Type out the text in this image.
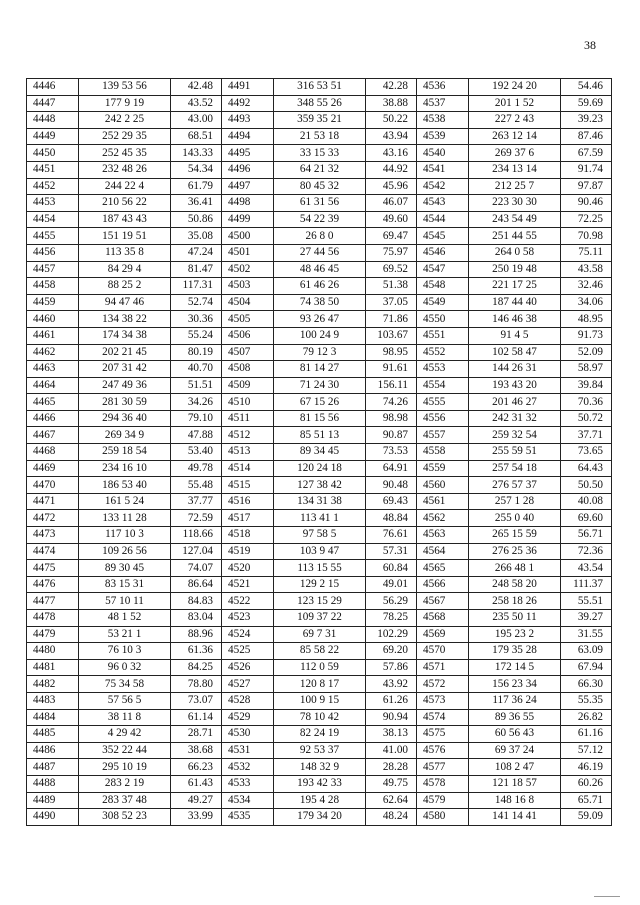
38
4446	139 53 56	42.48	4491	316 53 51	42.28	4536	192 24 20	54.46
4447	177 9 19	43.52	4492	348 55 26	38.88	4537	201 1 52	59.69
4448	242 2 25	43.00	4493	359 35 21	50.22	4538	227 2 43	39.23
4449	252 29 35	68.51	4494	21 53 18	43.94	4539	263 12 14	87.46
4450	252 45 35	143.33	4495	33 15 33	43.16	4540	269 37 6	67.59
4451	232 48 26	54.34	4496	64 21 32	44.92	4541	234 13 14	91.74
4452	244 22 4	61.79	4497	80 45 32	45.96	4542	212 25 7	97.87
4453	210 56 22	36.41	4498	61 31 56	46.07	4543	223 30 30	90.46
4454	187 43 43	50.86	4499	54 22 39	49.60	4544	243 54 49	72.25
4455	151 19 51	35.08	4500	26 8 0	69.47	4545	251 44 55	70.98
4456	113 35 8	47.24	4501	27 44 56	75.97	4546	264 0 58	75.11
4457	84 29 4	81.47	4502	48 46 45	69.52	4547	250 19 48	43.58
4458	88 25 2	117.31	4503	61 46 26	51.38	4548	221 17 25	32.46
4459	94 47 46	52.74	4504	74 38 50	37.05	4549	187 44 40	34.06
4460	134 38 22	30.36	4505	93 26 47	71.86	4550	146 46 38	48.95
4461	174 34 38	55.24	4506	100 24 9	103.67	4551	91 4 5	91.73
4462	202 21 45	80.19	4507	79 12 3	98.95	4552	102 58 47	52.09
4463	207 31 42	40.70	4508	81 14 27	91.61	4553	144 26 31	58.97
4464	247 49 36	51.51	4509	71 24 30	156.11	4554	193 43 20	39.84
4465	281 30 59	34.26	4510	67 15 26	74.26	4555	201 46 27	70.36
4466	294 36 40	79.10	4511	81 15 56	98.98	4556	242 31 32	50.72
4467	269 34 9	47.88	4512	85 51 13	90.87	4557	259 32 54	37.71
4468	259 18 54	53.40	4513	89 34 45	73.53	4558	255 59 51	73.65
4469	234 16 10	49.78	4514	120 24 18	64.91	4559	257 54 18	64.43
4470	186 53 40	55.48	4515	127 38 42	90.48	4560	276 57 37	50.50
4471	161 5 24	37.77	4516	134 31 38	69.43	4561	257 1 28	40.08
4472	133 11 28	72.59	4517	113 41 1	48.84	4562	255 0 40	69.60
4473	117 10 3	118.66	4518	97 58 5	76.61	4563	265 15 59	56.71
4474	109 26 56	127.04	4519	103 9 47	57.31	4564	276 25 36	72.36
4475	89 30 45	74.07	4520	113 15 55	60.84	4565	266 48 1	43.54
4476	83 15 31	86.64	4521	129 2 15	49.01	4566	248 58 20	111.37
4477	57 10 11	84.83	4522	123 15 29	56.29	4567	258 18 26	55.51
4478	48 1 52	83.04	4523	109 37 22	78.25	4568	235 50 11	39.27
4479	53 21 1	88.96	4524	69 7 31	102.29	4569	195 23 2	31.55
4480	76 10 3	61.36	4525	85 58 22	69.20	4570	179 35 28	63.09
4481	96 0 32	84.25	4526	112 0 59	57.86	4571	172 14 5	67.94
4482	75 34 58	78.80	4527	120 8 17	43.92	4572	156 23 34	66.30
4483	57 56 5	73.07	4528	100 9 15	61.26	4573	117 36 24	55.35
4484	38 11 8	61.14	4529	78 10 42	90.94	4574	89 36 55	26.82
4485	4 29 42	28.71	4530	82 24 19	38.13	4575	60 56 43	61.16
4486	352 22 44	38.68	4531	92 53 37	41.00	4576	69 37 24	57.12
4487	295 10 19	66.23	4532	148 32 9	28.28	4577	108 2 47	46.19
4488	283 2 19	61.43	4533	193 42 33	49.75	4578	121 18 57	60.26
4489	283 37 48	49.27	4534	195 4 28	62.64	4579	148 16 8	65.71
4490	308 52 23	33.99	4535	179 34 20	48.24	4580	141 14 41	59.09
